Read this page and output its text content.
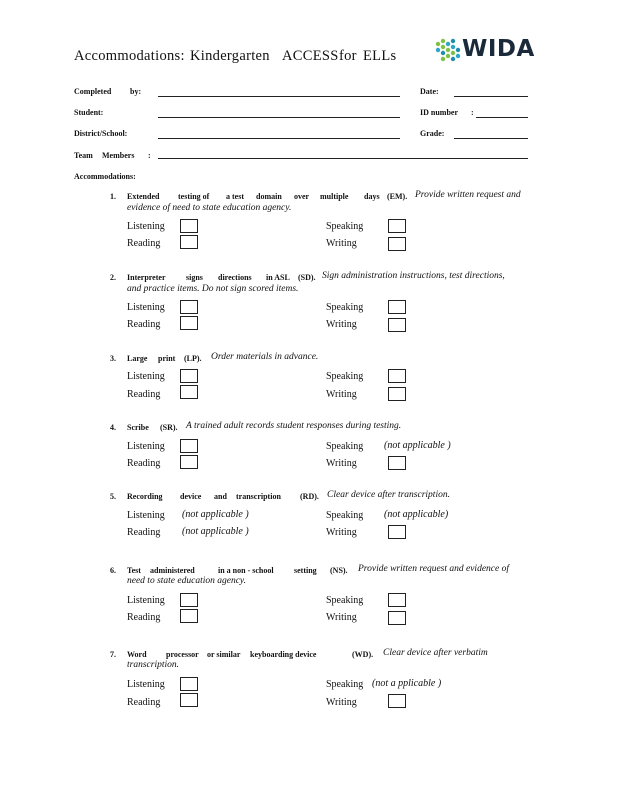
Accommodations: Kindergarten ACCESS for ELLs	WIDA
Completed by:	Date:
Student:	ID number :
District/School:	Grade:
Team Members :
Accommodations:
1. Extended testing of a test domain over multiple days (EM). Provide written request and
evidence of need to state education agency.
Listening	Speaking
Reading	Writing
2. Interpreter	signs directions in ASL (SD). Sign administration instructions, test directions,
and practice items. Do not sign scored items.
Listening	Speaking
Reading	Writing
3. Large print (LP). Order materials in advance.
Listening	Speaking
Reading	Writing
4. Scribe (SR). A trained adult records student responses during testing.
Listening	Speaking (not applicable )
Reading	Writing
5. Recording device and transcription (RD). Clear device after transcription.
Listening (not applicable )	Speaking (not applicable)
Reading (not applicable )	Writing
6. Test administered	in a non - school	setting (NS). Provide written request and evidence of
need to state education agency.
Listening	Speaking
Reading	Writing
7. Word processor or similar keyboarding device	(WD). Clear device after verbatim
transcription.
Listening	Speaking (not a pplicable )
Reading	Writing
